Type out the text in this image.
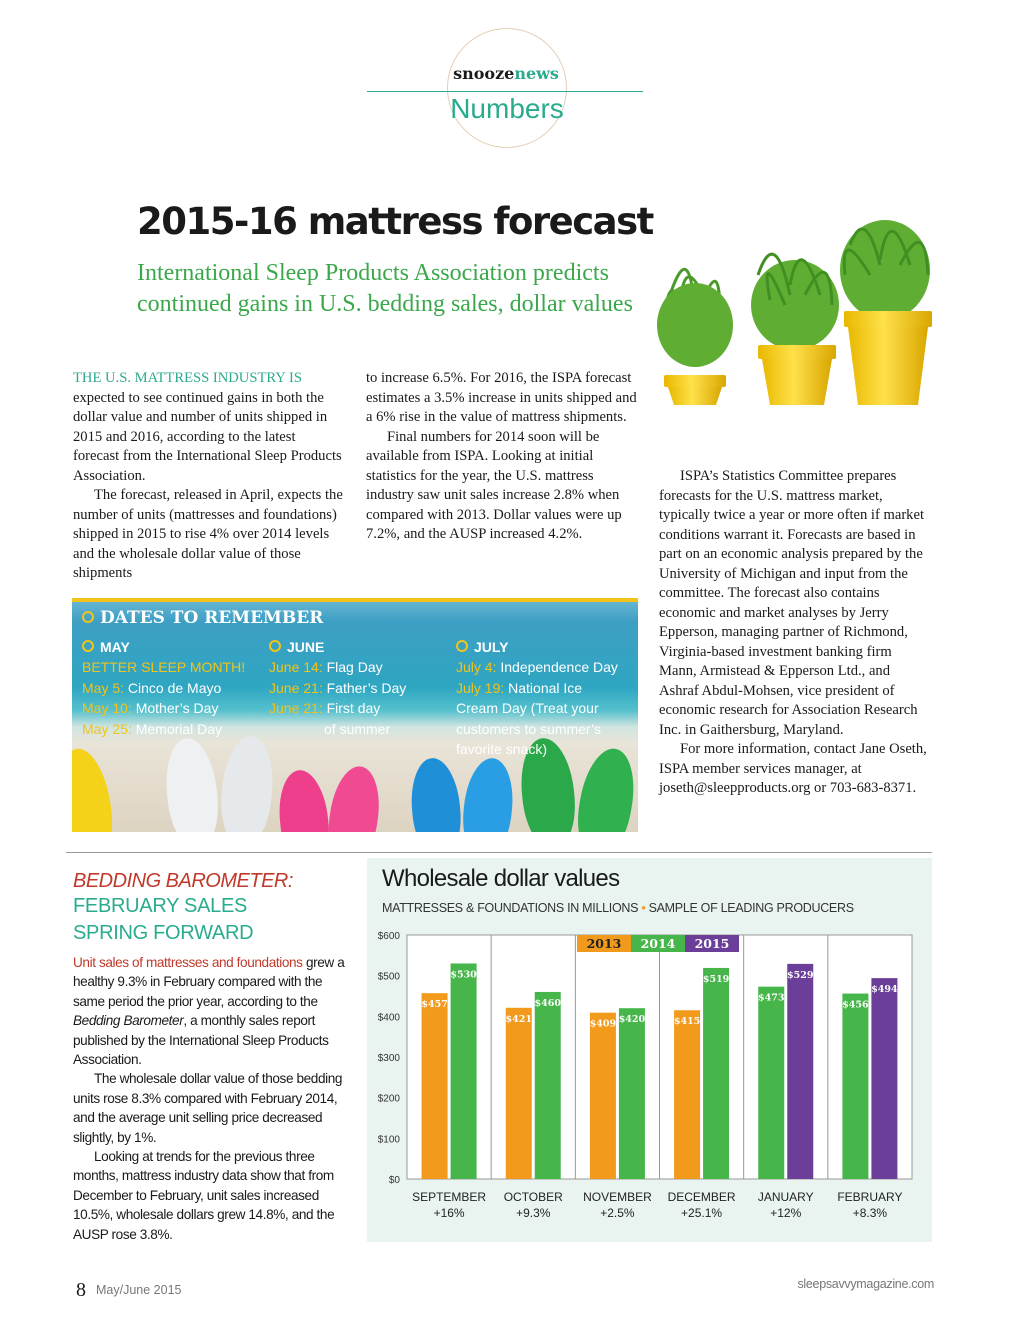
snoozenews
Numbers
2015-16 mattress forecast
International Sleep Products Association predicts continued gains in U.S. bedding sales, dollar values

THE U.S. MATTRESS INDUSTRY IS
expected to see continued gains in both the dollar value and number of units shipped in 2015 and 2016, according to the latest forecast from the International Sleep Products Association.

The forecast, released in April, expects the number of units (mattresses and foundations) shipped in 2015 to rise 4% over 2014 levels and the wholesale dollar value of those shipments

to increase 6.5%. For 2016, the ISPA forecast estimates a 3.5% increase in units shipped and a 6% rise in the value of mattress shipments.

Final numbers for 2014 soon will be available from ISPA. Looking at initial statistics for the year, the U.S. mattress industry saw unit sales increase 2.8% when compared with 2013. Dollar values were up 7.2%, and the AUSP increased 4.2%.

ISPA’s Statistics Committee prepares forecasts for the U.S. mattress market, typically twice a year or more often if market conditions warrant it. Forecasts are based in part on an economic analysis prepared by the University of Michigan and input from the committee. The forecast also contains economic and market analyses by Jerry Epperson, managing partner of Richmond, Virginia-based investment banking firm Mann, Armistead & Epperson Ltd., and Ashraf Abdul-Mohsen, vice president of economic research for Association Research Inc. in Gaithersburg, Maryland.

For more information, contact Jane Oseth, ISPA member services manager, at joseth@sleepproducts.org or 703-683-8371.

DATES TO REMEMBER
MAY
BETTER SLEEP MONTH!
May 5: Cinco de Mayo
May 10: Mother’s Day
May 25: Memorial Day
JUNE
June 14: Flag Day
June 21: Father’s Day
June 21: First day
of summer
JULY
July 4: Independence Day
July 19: National Ice
Cream Day (Treat your
customers to summer’s
favorite snack)
BEDDING BAROMETER:
FEBRUARY SALES
SPRING FORWARD

Unit sales of mattresses and foundations grew a healthy 9.3% in February compared with the same period the prior year, according to the Bedding Barometer, a monthly sales report published by the International Sleep Products Association.

The wholesale dollar value of those bedding units rose 8.3% compared with February 2014, and the average unit selling price decreased slightly, by 1%.

Looking at trends for the previous three months, mattress industry data show that from December to February, unit sales increased 10.5%, wholesale dollars grew 14.8%, and the AUSP rose 3.8%.

Wholesale dollar values
MATTRESSES & FOUNDATIONS IN MILLIONS • SAMPLE OF LEADING PRODUCERS
$0
$100
$200
$300
$400
$500
$600
$457
$530
SEPTEMBER
+16%
$421
$460
OCTOBER
+9.3%
$409 $420
NOVEMBER
+2.5%
$415
$519
DECEMBER
+25.1%
$473
$529
JANUARY
+12%
$456
$494
FEBRUARY
+8.3%
2013 2014 2015
8 May/June 2015	sleepsavvymagazine.com
